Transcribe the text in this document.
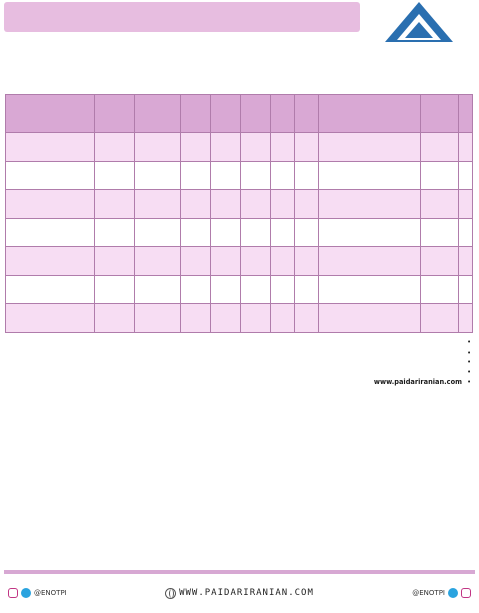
•
•
•
•
• www.paidariranian.com
@ENOTPI	WWW.PAIDARIRANIAN.COM	@ENOTPI
